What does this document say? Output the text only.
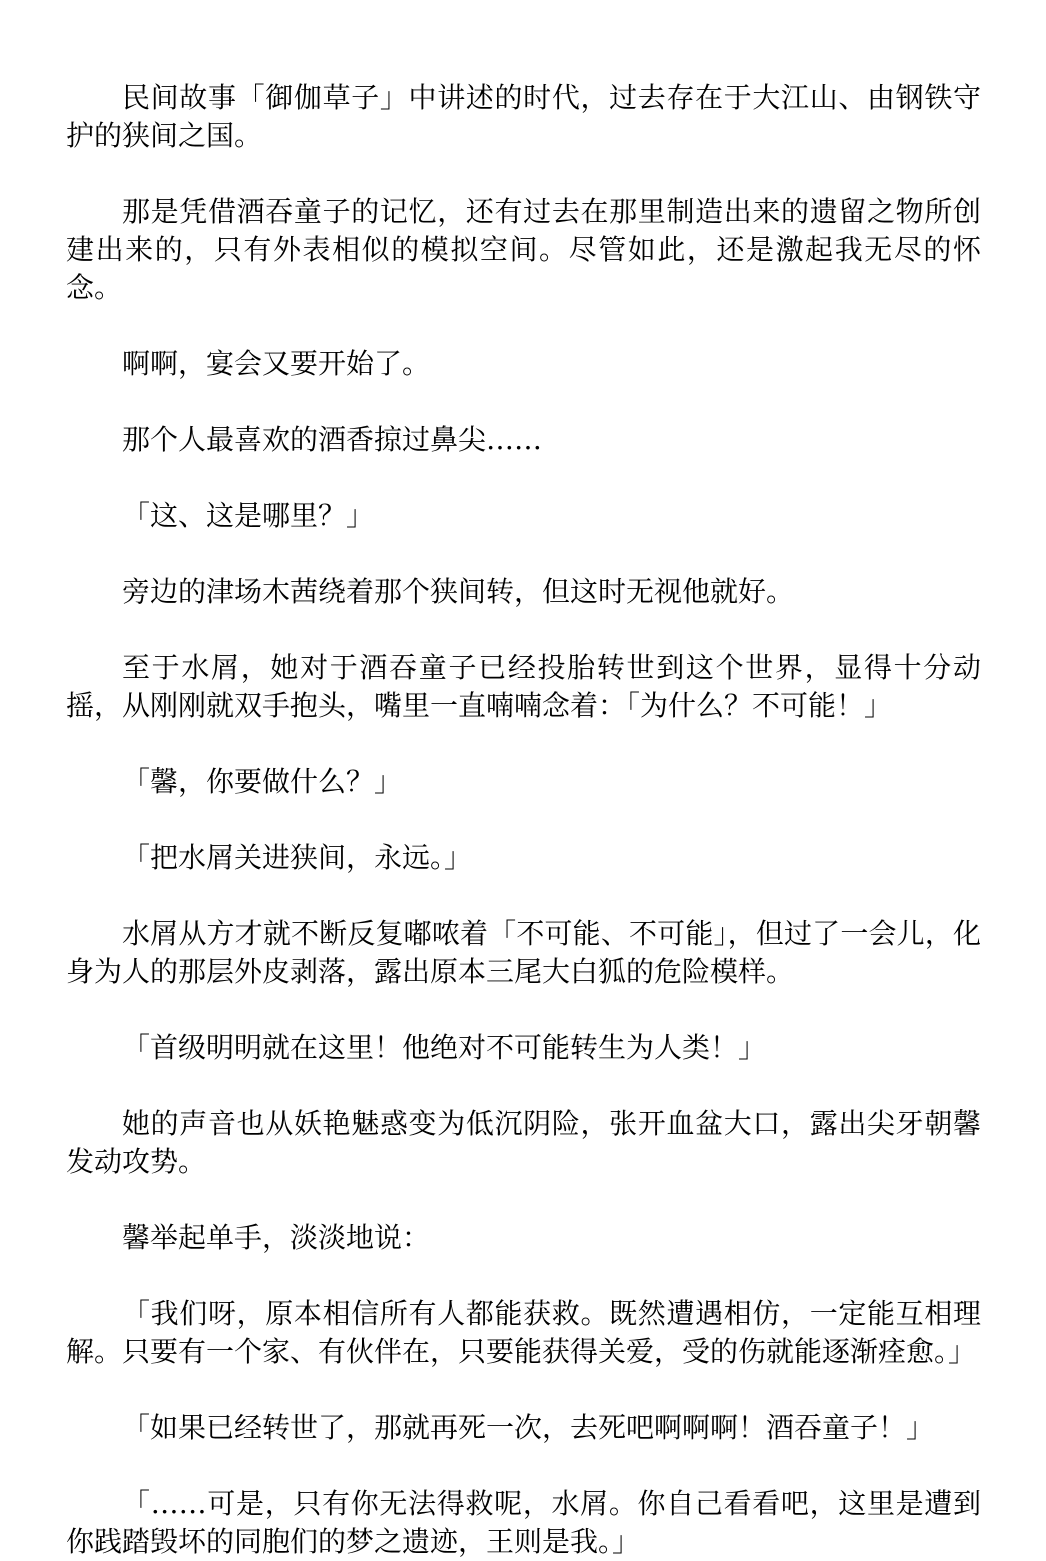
民间故事「御伽草子」中讲述的时代，过去存在于大江山、由钢铁守护的狭间之国。

那是凭借酒吞童子的记忆，还有过去在那里制造出来的遗留之物所创建出来的，只有外表相似的模拟空间。尽管如此，还是激起我无尽的怀念。

啊啊，宴会又要开始了。

那个人最喜欢的酒香掠过鼻尖……

「这、这是哪里？」

旁边的津场木茜绕着那个狭间转，但这时无视他就好。

至于水屑，她对于酒吞童子已经投胎转世到这个世界，显得十分动摇，从刚刚就双手抱头，嘴里一直喃喃念着：「为什么？不可能！」

「馨，你要做什么？」

「把水屑关进狭间，永远。」

水屑从方才就不断反复嘟哝着「不可能、不可能」，但过了一会儿，化身为人的那层外皮剥落，露出原本三尾大白狐的危险模样。

「首级明明就在这里！他绝对不可能转生为人类！」

她的声音也从妖艳魅惑变为低沉阴险，张开血盆大口，露出尖牙朝馨发动攻势。

馨举起单手，淡淡地说：

「我们呀，原本相信所有人都能获救。既然遭遇相仿，一定能互相理解。只要有一个家、有伙伴在，只要能获得关爱，受的伤就能逐渐痊愈。」

「如果已经转世了，那就再死一次，去死吧啊啊啊！酒吞童子！」

「……可是，只有你无法得救呢，水屑。你自己看看吧，这里是遭到你践踏毁坏的同胞们的梦之遗迹，王则是我。」
